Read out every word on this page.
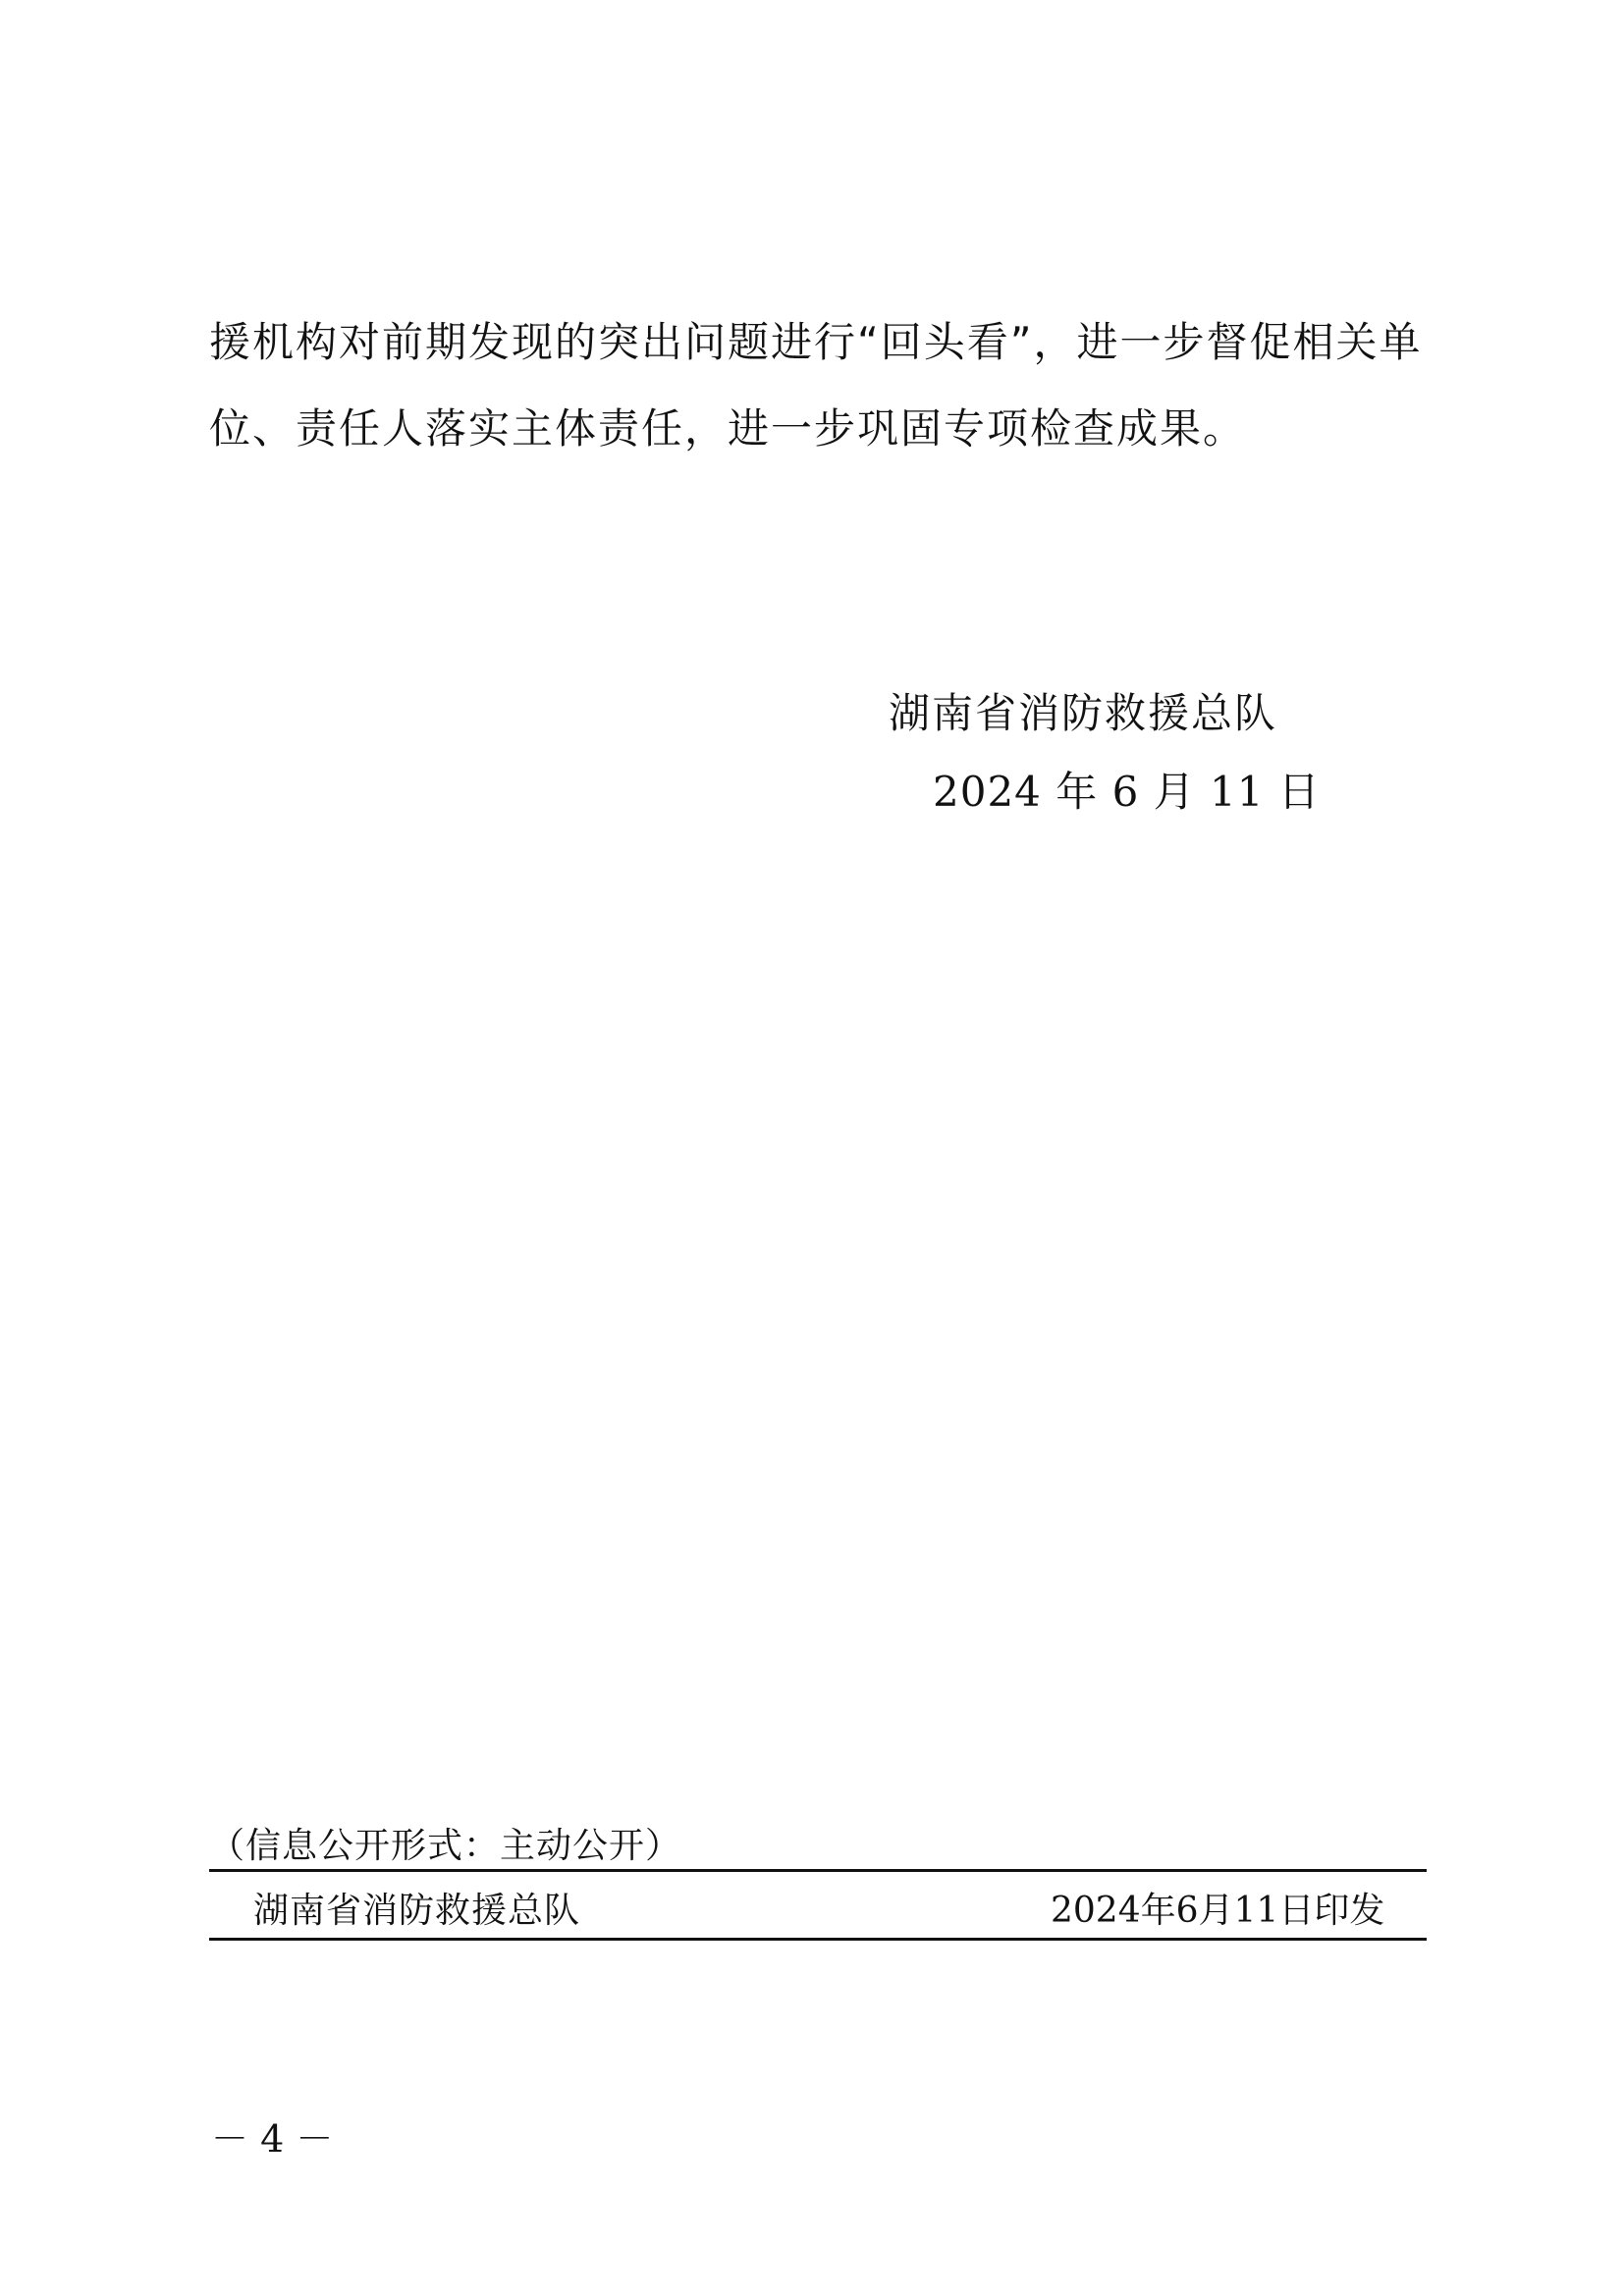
援机构对前期发现的突出问题进行“回头看”，进一步督促相关单
位、责任人落实主体责任，进一步巩固专项检查成果。
湖南省消防救援总队
2024 年 6 月 11 日
（信息公开形式：主动公开）
湖南省消防救援总队	2024年6月11日印发
－ 4 －
